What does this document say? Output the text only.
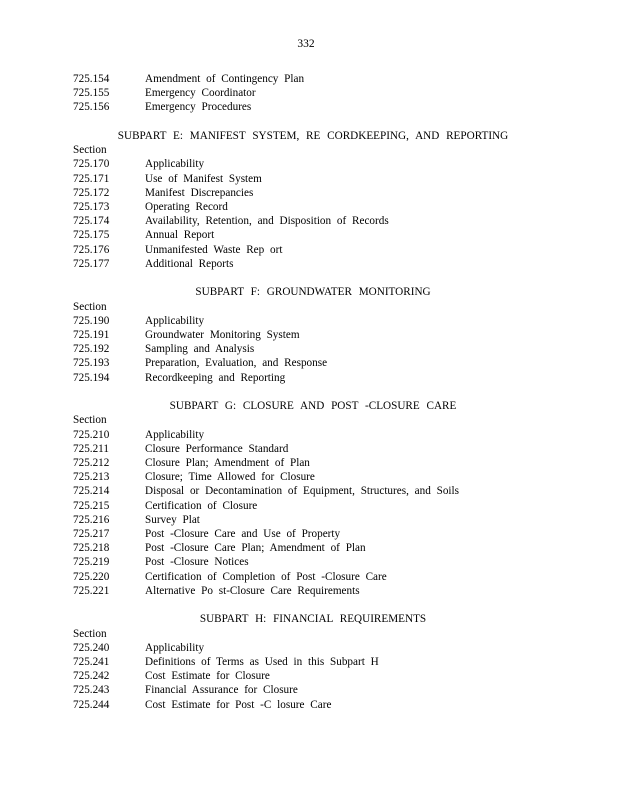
332
725.154	Amendment of Contingency Plan
725.155	Emergency Coordinator
725.156	Emergency Procedures
SUBPART E: MANIFEST SYSTEM, RE CORDKEEPING, AND REPORTING
Section
725.170	Applicability
725.171	Use of Manifest System
725.172	Manifest Discrepancies
725.173	Operating Record
725.174	Availability, Retention, and Disposition of Records
725.175	Annual Report
725.176	Unmanifested Waste Rep ort
725.177	Additional Reports
SUBPART F: GROUNDWATER MONITORING
Section
725.190	Applicability
725.191	Groundwater Monitoring System
725.192	Sampling and Analysis
725.193	Preparation, Evaluation, and Response
725.194	Recordkeeping and Reporting
SUBPART G: CLOSURE AND POST -CLOSURE CARE
Section
725.210	Applicability
725.211	Closure Performance Standard
725.212	Closure Plan; Amendment of Plan
725.213	Closure; Time Allowed for Closure
725.214	Disposal or Decontamination of Equipment, Structures, and Soils
725.215	Certification of Closure
725.216	Survey Plat
725.217	Post -Closure Care and Use of Property
725.218	Post -Closure Care Plan; Amendment of Plan
725.219	Post -Closure Notices
725.220	Certification of Completion of Post -Closure Care
725.221	Alternative Po st-Closure Care Requirements
SUBPART H: FINANCIAL REQUIREMENTS
Section
725.240	Applicability
725.241	Definitions of Terms as Used in this Subpart H
725.242	Cost Estimate for Closure
725.243	Financial Assurance for Closure
725.244	Cost Estimate for Post -C losure Care
